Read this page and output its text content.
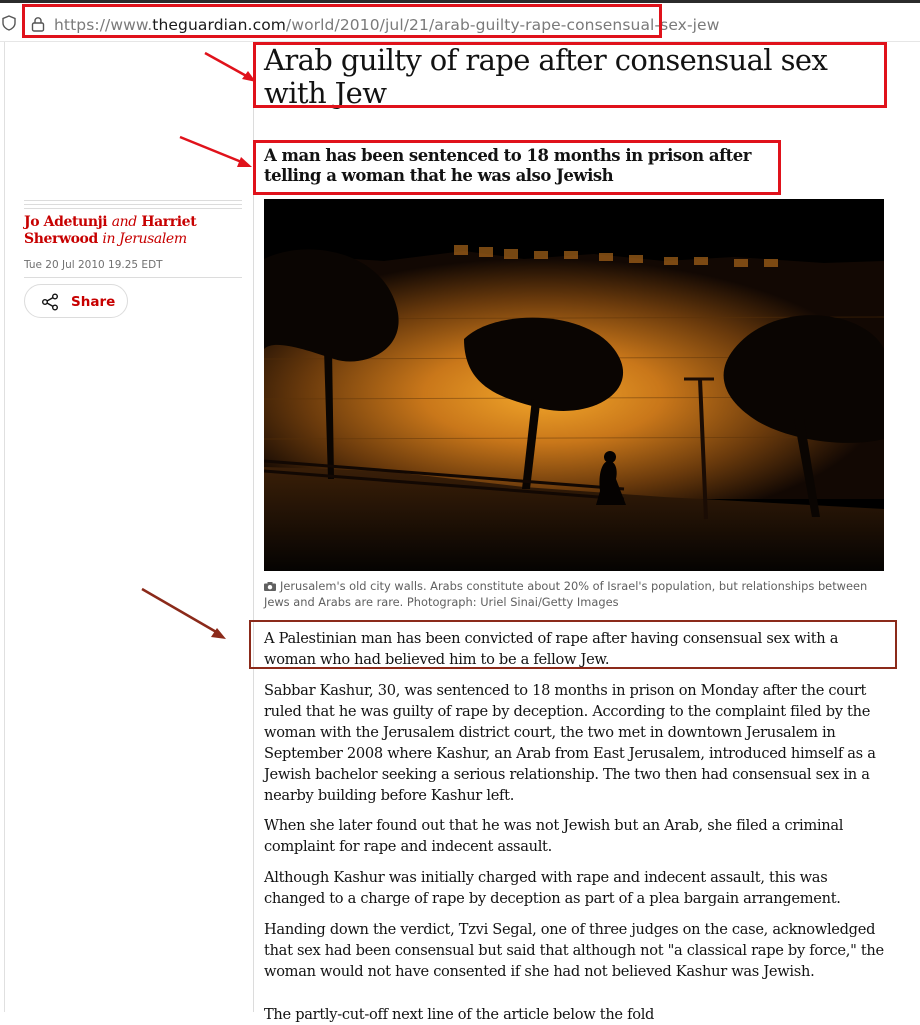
https://www.theguardian.com/world/2010/jul/21/arab-guilty-rape-consensual-sex-jew
Arab guilty of rape after consensual sex with Jew

A man has been sentenced to 18 months in prison after telling a woman that he was also Jewish

Jo Adetunji and Harriet Sherwood in Jerusalem
Tue 20 Jul 2010 19.25 EDT
Share
Jerusalem's old city walls. Arabs constitute about 20% of Israel's population, but relationships between Jews and Arabs are rare. Photograph: Uriel Sinai/Getty Images

A Palestinian man has been convicted of rape after having consensual sex with a woman who had believed him to be a fellow Jew.

Sabbar Kashur, 30, was sentenced to 18 months in prison on Monday after the court ruled that he was guilty of rape by deception. According to the complaint filed by the woman with the Jerusalem district court, the two met in downtown Jerusalem in September 2008 where Kashur, an Arab from East Jerusalem, introduced himself as a Jewish bachelor seeking a serious relationship. The two then had consensual sex in a nearby building before Kashur left.

When she later found out that he was not Jewish but an Arab, she filed a criminal complaint for rape and indecent assault.

Although Kashur was initially charged with rape and indecent assault, this was changed to a charge of rape by deception as part of a plea bargain arrangement.

Handing down the verdict, Tzvi Segal, one of three judges on the case, acknowledged that sex had been consensual but said that although not "a classical rape by force," the woman would not have consented if she had not believed Kashur was Jewish.

The partly-cut-off next line of the article below the fold
